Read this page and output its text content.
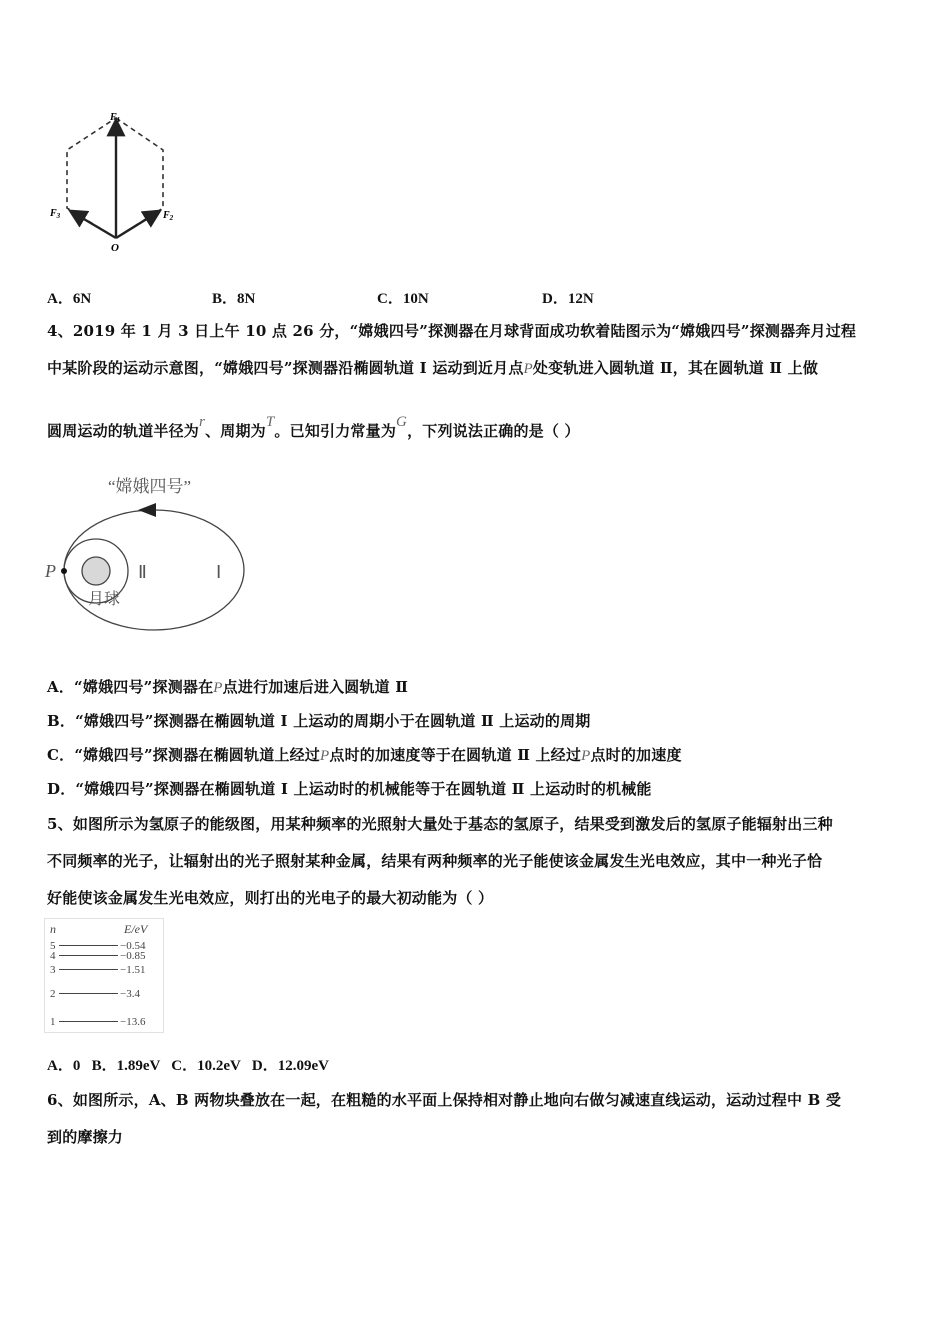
$F_1$
$F_2$
$F_3$
O
A．6N	B．8N	C．10N	D．12N
4、2019 年 1 月 3 日上午 10 点 26 分，“嫦娥四号”探测器在月球背面成功软着陆图示为“嫦娥四号”探测器奔月过程
中某阶段的运动示意图，“嫦娥四号”探测器沿椭圆轨道 Ⅰ 运动到近月点P处变轨进入圆轨道 Ⅱ，其在圆轨道 Ⅱ 上做
圆周运动的轨道半径为r、周期为T。已知引力常量为G，下列说法正确的是（ ）
“嫦娥四号”
P	Ⅱ	Ⅰ
月球
A．“嫦娥四号”探测器在P点进行加速后进入圆轨道 Ⅱ
B．“嫦娥四号”探测器在椭圆轨道 Ⅰ 上运动的周期小于在圆轨道 Ⅱ 上运动的周期
C．“嫦娥四号”探测器在椭圆轨道上经过P点时的加速度等于在圆轨道 Ⅱ 上经过P点时的加速度
D．“嫦娥四号”探测器在椭圆轨道 Ⅰ 上运动时的机械能等于在圆轨道 Ⅱ 上运动时的机械能
5、如图所示为氢原子的能级图，用某种频率的光照射大量处于基态的氢原子，结果受到激发后的氢原子能辐射出三种
不同频率的光子，让辐射出的光子照射某种金属，结果有两种频率的光子能使该金属发生光电效应，其中一种光子恰
好能使该金属发生光电效应，则打出的光电子的最大初动能为（ ）
n	E/eV
5	−0.54
4	−0.85
3	−1.51
2	−3.4
1	−13.6
A．0   B．1.89eV   C．10.2eV   D．12.09eV
6、如图所示，A、B 两物块叠放在一起，在粗糙的水平面上保持相对静止地向右做匀减速直线运动，运动过程中 B 受
到的摩擦力
